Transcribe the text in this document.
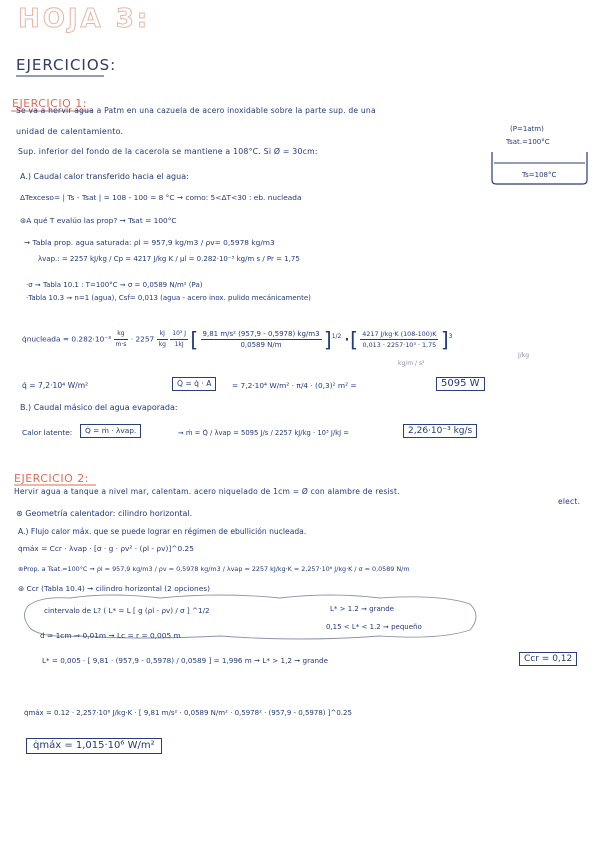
HOJA 3:
EJERCICIOS:
EJERCICIO 1:
Se va a hervir agua a Patm en una cazuela de acero inoxidable sobre la parte sup. de una
unidad de calentamiento.
Sup. inferior del fondo de la cacerola se mantiene a 108°C. Si Ø = 30cm:
(P=1atm)
Tsat.=100°C
Ts=108°C
A.) Caudal calor transferido hacia el agua:
ΔTexceso= | Ts - Tsat | = 108 - 100 = 8 °C ➞ como: 5<ΔT<30 : eb. nucleada
⊛A qué T evalúo las prop? ➞ Tsat = 100°C
➞ Tabla prop. agua saturada: ρl = 957,9 kg/m3 / ρv= 0,5978 kg/m3
λvap.: = 2257 kJ/kg / Cp = 4217 J/kg K / μl = 0.282·10⁻³ kg/m s / Pr = 1,75
·σ ➞ Tabla 10.1 : T=100°C ➞ σ = 0,0589 N/m² (Pa)
·Tabla 10.3 ➞ n=1 (agua), Csf= 0,013 (agua - acero inox. pulido mecánicamente)
q̇nucleada = $0.282\cdot 10^{-3} \frac{kg}{m\cdot s} \cdot 2257 \frac{kJ}{kg}$
$\frac{\text{10³ J}}{1kJ}$ [ $\frac{\text{9,81 m/s² (957,9 - 0,5978) kg/m3}}{0,0589 N/m} ]^{1/2}$ ·[ $\frac{4217 J/kg\cdot K (108-100)K}{\text{0,013 · 2257·10³ · 1,75}} ]^3$
kg/m / s²
J/kg
q̇ = 7,2·10⁴ W/m²	Q̇ = q̇ · A	= 7,2·10⁴ W/m² · π/4 · (0,3)² m² =	5095 W
B.) Caudal másico del agua evaporada:
Calor latente:	Q̇ = ṁ · λvap.	➞ ṁ = Q̇ / λvap = 5095 J/s / 2257 kJ/kg · 10³ J/kJ =	2,26·10⁻³ kg/s
EJERCICIO 2:
Hervir agua a tanque a nivel mar, calentam. acero niquelado de 1cm = Ø con alambre de resist.
elect.
⊛ Geometría calentador: cilindro horizontal.
A.) Flujo calor máx. que se puede lograr en régimen de ebullición nucleada.
q̇máx = Ccr · λvap · [σ · g · ρv² · (ρl - ρv)]^0.25
⊛Prop. a Tsat.=100°C ➞ ρl = 957,9 kg/m3 / ρv = 0,5978 kg/m3 / λvap = 2257 kJ/kg·K = 2,257·10⁶ J/kg·K / σ = 0,0589 N/m
⊛ Ccr (Tabla 10.4) ➞ cilindro horizontal (2 opciones)
cintervalo de L? ( L* = L [ g (ρl - ρv) / σ ] ^1/2	L* > 1.2 ➞ grande
0,15 < L* < 1.2 ➞ pequeño
d = 1cm ⇒ 0,01m ➞ Lc = r = 0,005 m
L* = 0,005 · [ 9,81 · (957,9 - 0,5978) / 0,0589 ] = 1,996 m ➞ L* > 1,2 ➞ grande	Ccr = 0,12
q̇máx = 0.12 · 2,257·10⁶ J/kg·K · [ 9,81 m/s² · 0,0589 N/m² · 0,5978² · (957,9 - 0,5978) ]^0.25
q̇máx = 1,015·10⁶ W/m²
